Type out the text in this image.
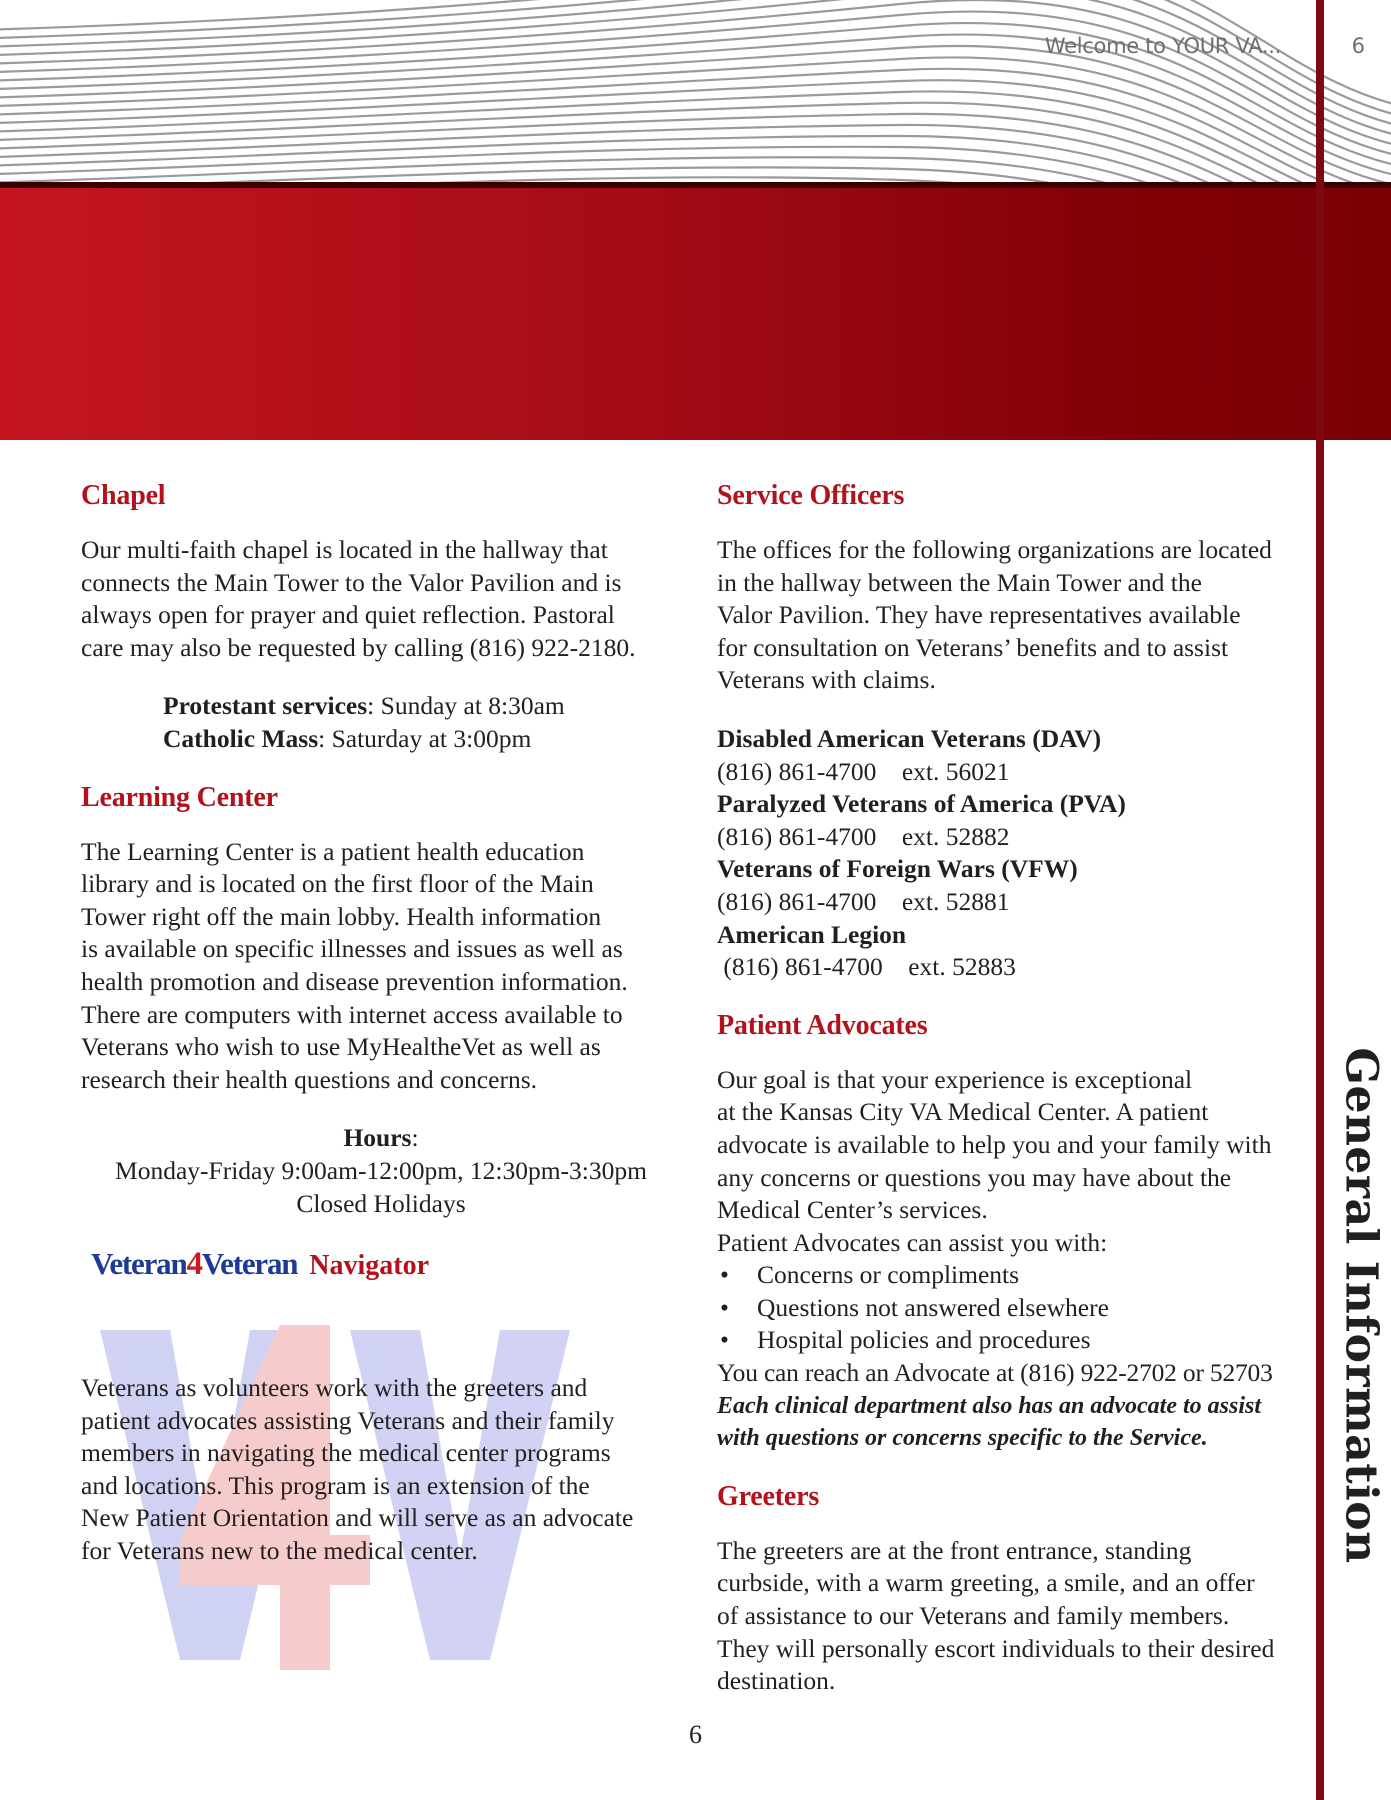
Welcome to YOUR VA...	6
General Information
Chapel

Our multi-faith chapel is located in the hallway that

connects the Main Tower to the Valor Pavilion and is

always open for prayer and quiet reflection. Pastoral

care may also be requested by calling (816) 922-2180.

Protestant services: Sunday at 8:30am

Catholic Mass: Saturday at 3:00pm

Learning Center

The Learning Center is a patient health education

library and is located on the first floor of the Main

Tower right off the main lobby. Health information

is available on specific illnesses and issues as well as

health promotion and disease prevention information.

There are computers with internet access available to

Veterans who wish to use MyHealtheVet as well as

research their health questions and concerns.

Hours:

Monday-Friday 9:00am-12:00pm, 12:30pm-3:30pm

Closed Holidays

Veteran4Veteran Navigator

Veterans as volunteers work with the greeters and

patient advocates assisting Veterans and their family

members in navigating the medical center programs

and locations. This program is an extension of the

New Patient Orientation and will serve as an advocate

for Veterans new to the medical center.

Service Officers

The offices for the following organizations are located

in the hallway between the Main Tower and the

Valor Pavilion. They have representatives available

for consultation on Veterans’ benefits and to assist

Veterans with claims.

Disabled American Veterans (DAV)

(816) 861-4700    ext. 56021

Paralyzed Veterans of America (PVA)

(816) 861-4700    ext. 52882

Veterans of Foreign Wars (VFW)

(816) 861-4700    ext. 52881

American Legion

(816) 861-4700    ext. 52883

Patient Advocates

Our goal is that your experience is exceptional

at the Kansas City VA Medical Center. A patient

advocate is available to help you and your family with

any concerns or questions you may have about the

Medical Center’s services.

Patient Advocates can assist you with:

• Concerns or compliments
• Questions not answered elsewhere
• Hospital policies and procedures

You can reach an Advocate at (816) 922-2702 or 52703

Each clinical department also has an advocate to assist

with questions or concerns specific to the Service.

Greeters

The greeters are at the front entrance, standing

curbside, with a warm greeting, a smile, and an offer

of assistance to our Veterans and family members.

They will personally escort individuals to their desired

destination.

6
